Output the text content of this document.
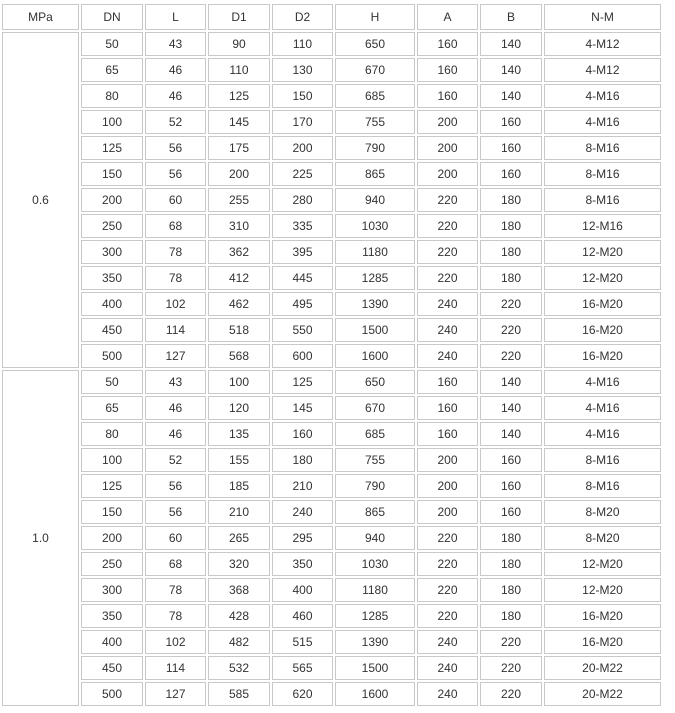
MPa	DN	L	D1	D2	H	A	B	N-M
0.6	50	43	90	110	650	160	140	4-M12
	65	46	110	130	670	160	140	4-M12
	80	46	125	150	685	160	140	4-M16
	100	52	145	170	755	200	160	4-M16
	125	56	175	200	790	200	160	8-M16
	150	56	200	225	865	200	160	8-M16
	200	60	255	280	940	220	180	8-M16
	250	68	310	335	1030	220	180	12-M16
	300	78	362	395	1180	220	180	12-M20
	350	78	412	445	1285	220	180	12-M20
	400	102	462	495	1390	240	220	16-M20
	450	114	518	550	1500	240	220	16-M20
	500	127	568	600	1600	240	220	16-M20
1.0	50	43	100	125	650	160	140	4-M16
	65	46	120	145	670	160	140	4-M16
	80	46	135	160	685	160	140	4-M16
	100	52	155	180	755	200	160	8-M16
	125	56	185	210	790	200	160	8-M16
	150	56	210	240	865	200	160	8-M20
	200	60	265	295	940	220	180	8-M20
	250	68	320	350	1030	220	180	12-M20
	300	78	368	400	1180	220	180	12-M20
	350	78	428	460	1285	220	180	16-M20
	400	102	482	515	1390	240	220	16-M20
	450	114	532	565	1500	240	220	20-M22
	500	127	585	620	1600	240	220	20-M22
